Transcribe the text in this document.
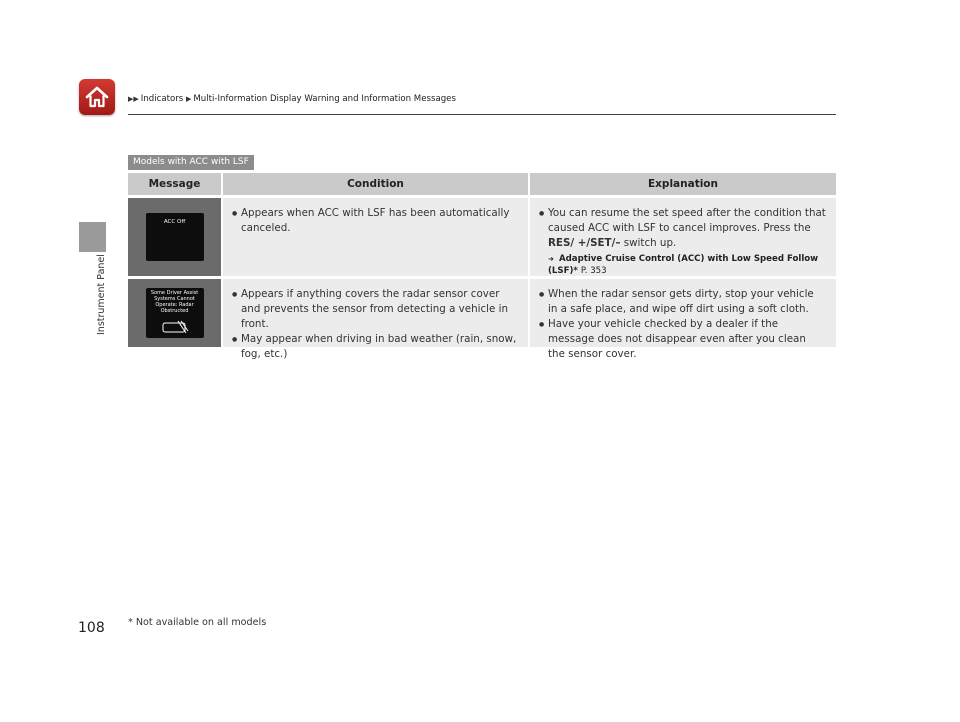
▶▶ Indicators ▶ Multi-Information Display Warning and Information Messages
Instrument Panel
Models with ACC with LSF
Message	Condition	Explanation
ACC Off
● Appears when ACC with LSF has been automatically canceled.
● You can resume the set speed after the condition that caused ACC with LSF to cancel improves. Press the RES/ +/SET/– switch up.
➜ Adaptive Cruise Control (ACC) with Low Speed Follow (LSF)* P. 353
Some Driver Assist Systems Cannot Operate: Radar Obstructed
● Appears if anything covers the radar sensor cover and prevents the sensor from detecting a vehicle in front.
● May appear when driving in bad weather (rain, snow, fog, etc.)
● When the radar sensor gets dirty, stop your vehicle in a safe place, and wipe off dirt using a soft cloth.
● Have your vehicle checked by a dealer if the message does not disappear even after you clean the sensor cover.
108 * Not available on all models
